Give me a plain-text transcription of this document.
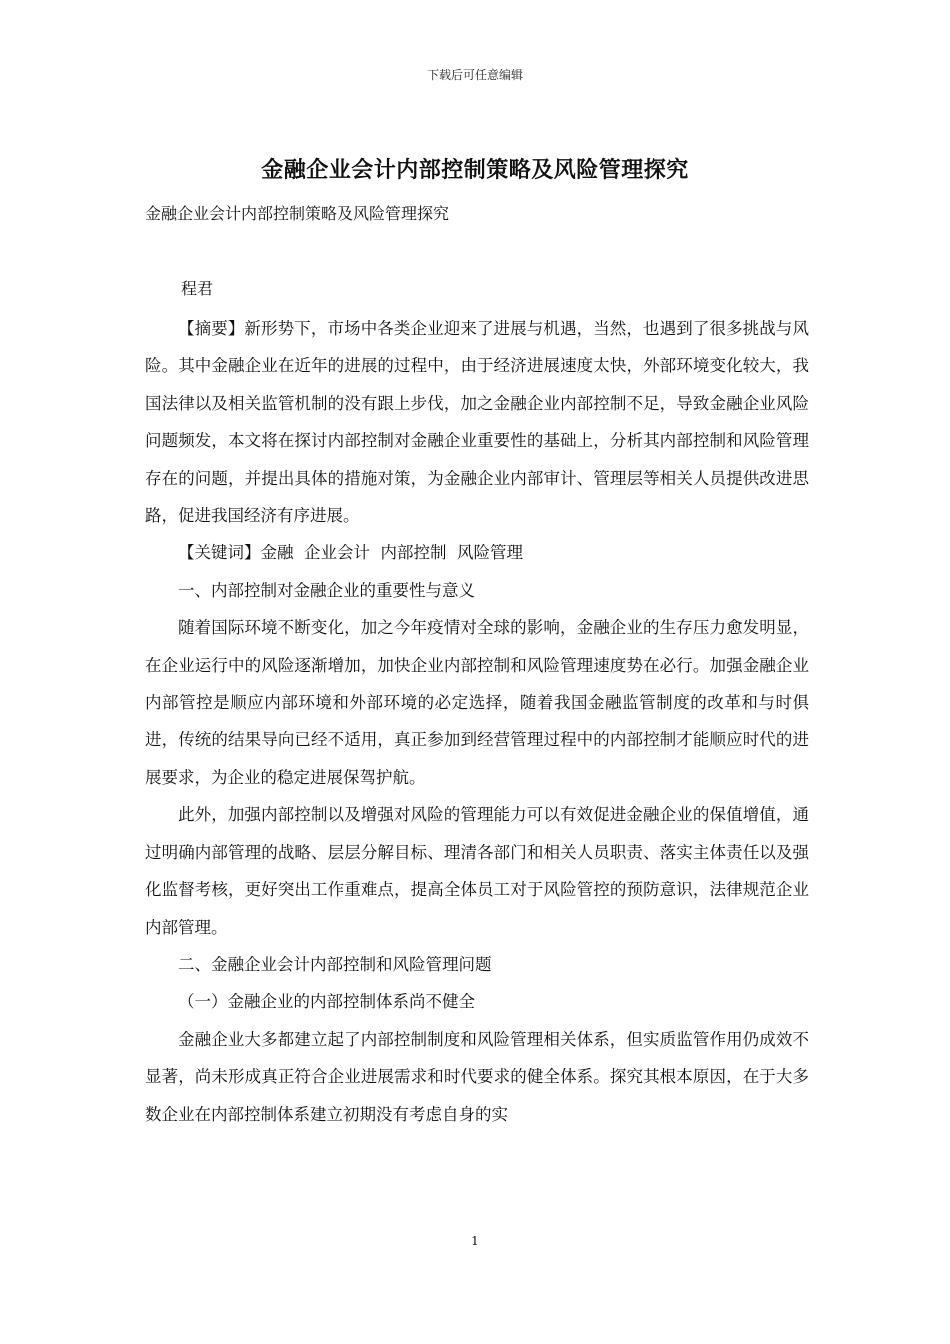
下载后可任意编辑
金融企业会计内部控制策略及风险管理探究
金融企业会计内部控制策略及风险管理探究
程君

【摘要】新形势下，市场中各类企业迎来了进展与机遇，当然，也遇到了很多挑战与风险。其中金融企业在近年的进展的过程中，由于经济进展速度太快，外部环境变化较大，我国法律以及相关监管机制的没有跟上步伐，加之金融企业内部控制不足，导致金融企业风险问题频发，本文将在探讨内部控制对金融企业重要性的基础上，分析其内部控制和风险管理存在的问题，并提出具体的措施对策，为金融企业内部审计、管理层等相关人员提供改进思路，促进我国经济有序进展。

【关键词】金融  企业会计  内部控制  风险管理

一、内部控制对金融企业的重要性与意义

随着国际环境不断变化，加之今年疫情对全球的影响，金融企业的生存压力愈发明显，在企业运行中的风险逐渐增加，加快企业内部控制和风险管理速度势在必行。加强金融企业内部管控是顺应内部环境和外部环境的必定选择，随着我国金融监管制度的改革和与时俱进，传统的结果导向已经不适用，真正参加到经营管理过程中的内部控制才能顺应时代的进展要求，为企业的稳定进展保驾护航。

此外，加强内部控制以及增强对风险的管理能力可以有效促进金融企业的保值增值，通过明确内部管理的战略、层层分解目标、理清各部门和相关人员职责、落实主体责任以及强化监督考核，更好突出工作重难点，提高全体员工对于风险管控的预防意识，法律规范企业内部管理。

二、金融企业会计内部控制和风险管理问题

（一）金融企业的内部控制体系尚不健全

金融企业大多都建立起了内部控制制度和风险管理相关体系，但实质监管作用仍成效不显著，尚未形成真正符合企业进展需求和时代要求的健全体系。探究其根本原因，在于大多数企业在内部控制体系建立初期没有考虑自身的实

1
